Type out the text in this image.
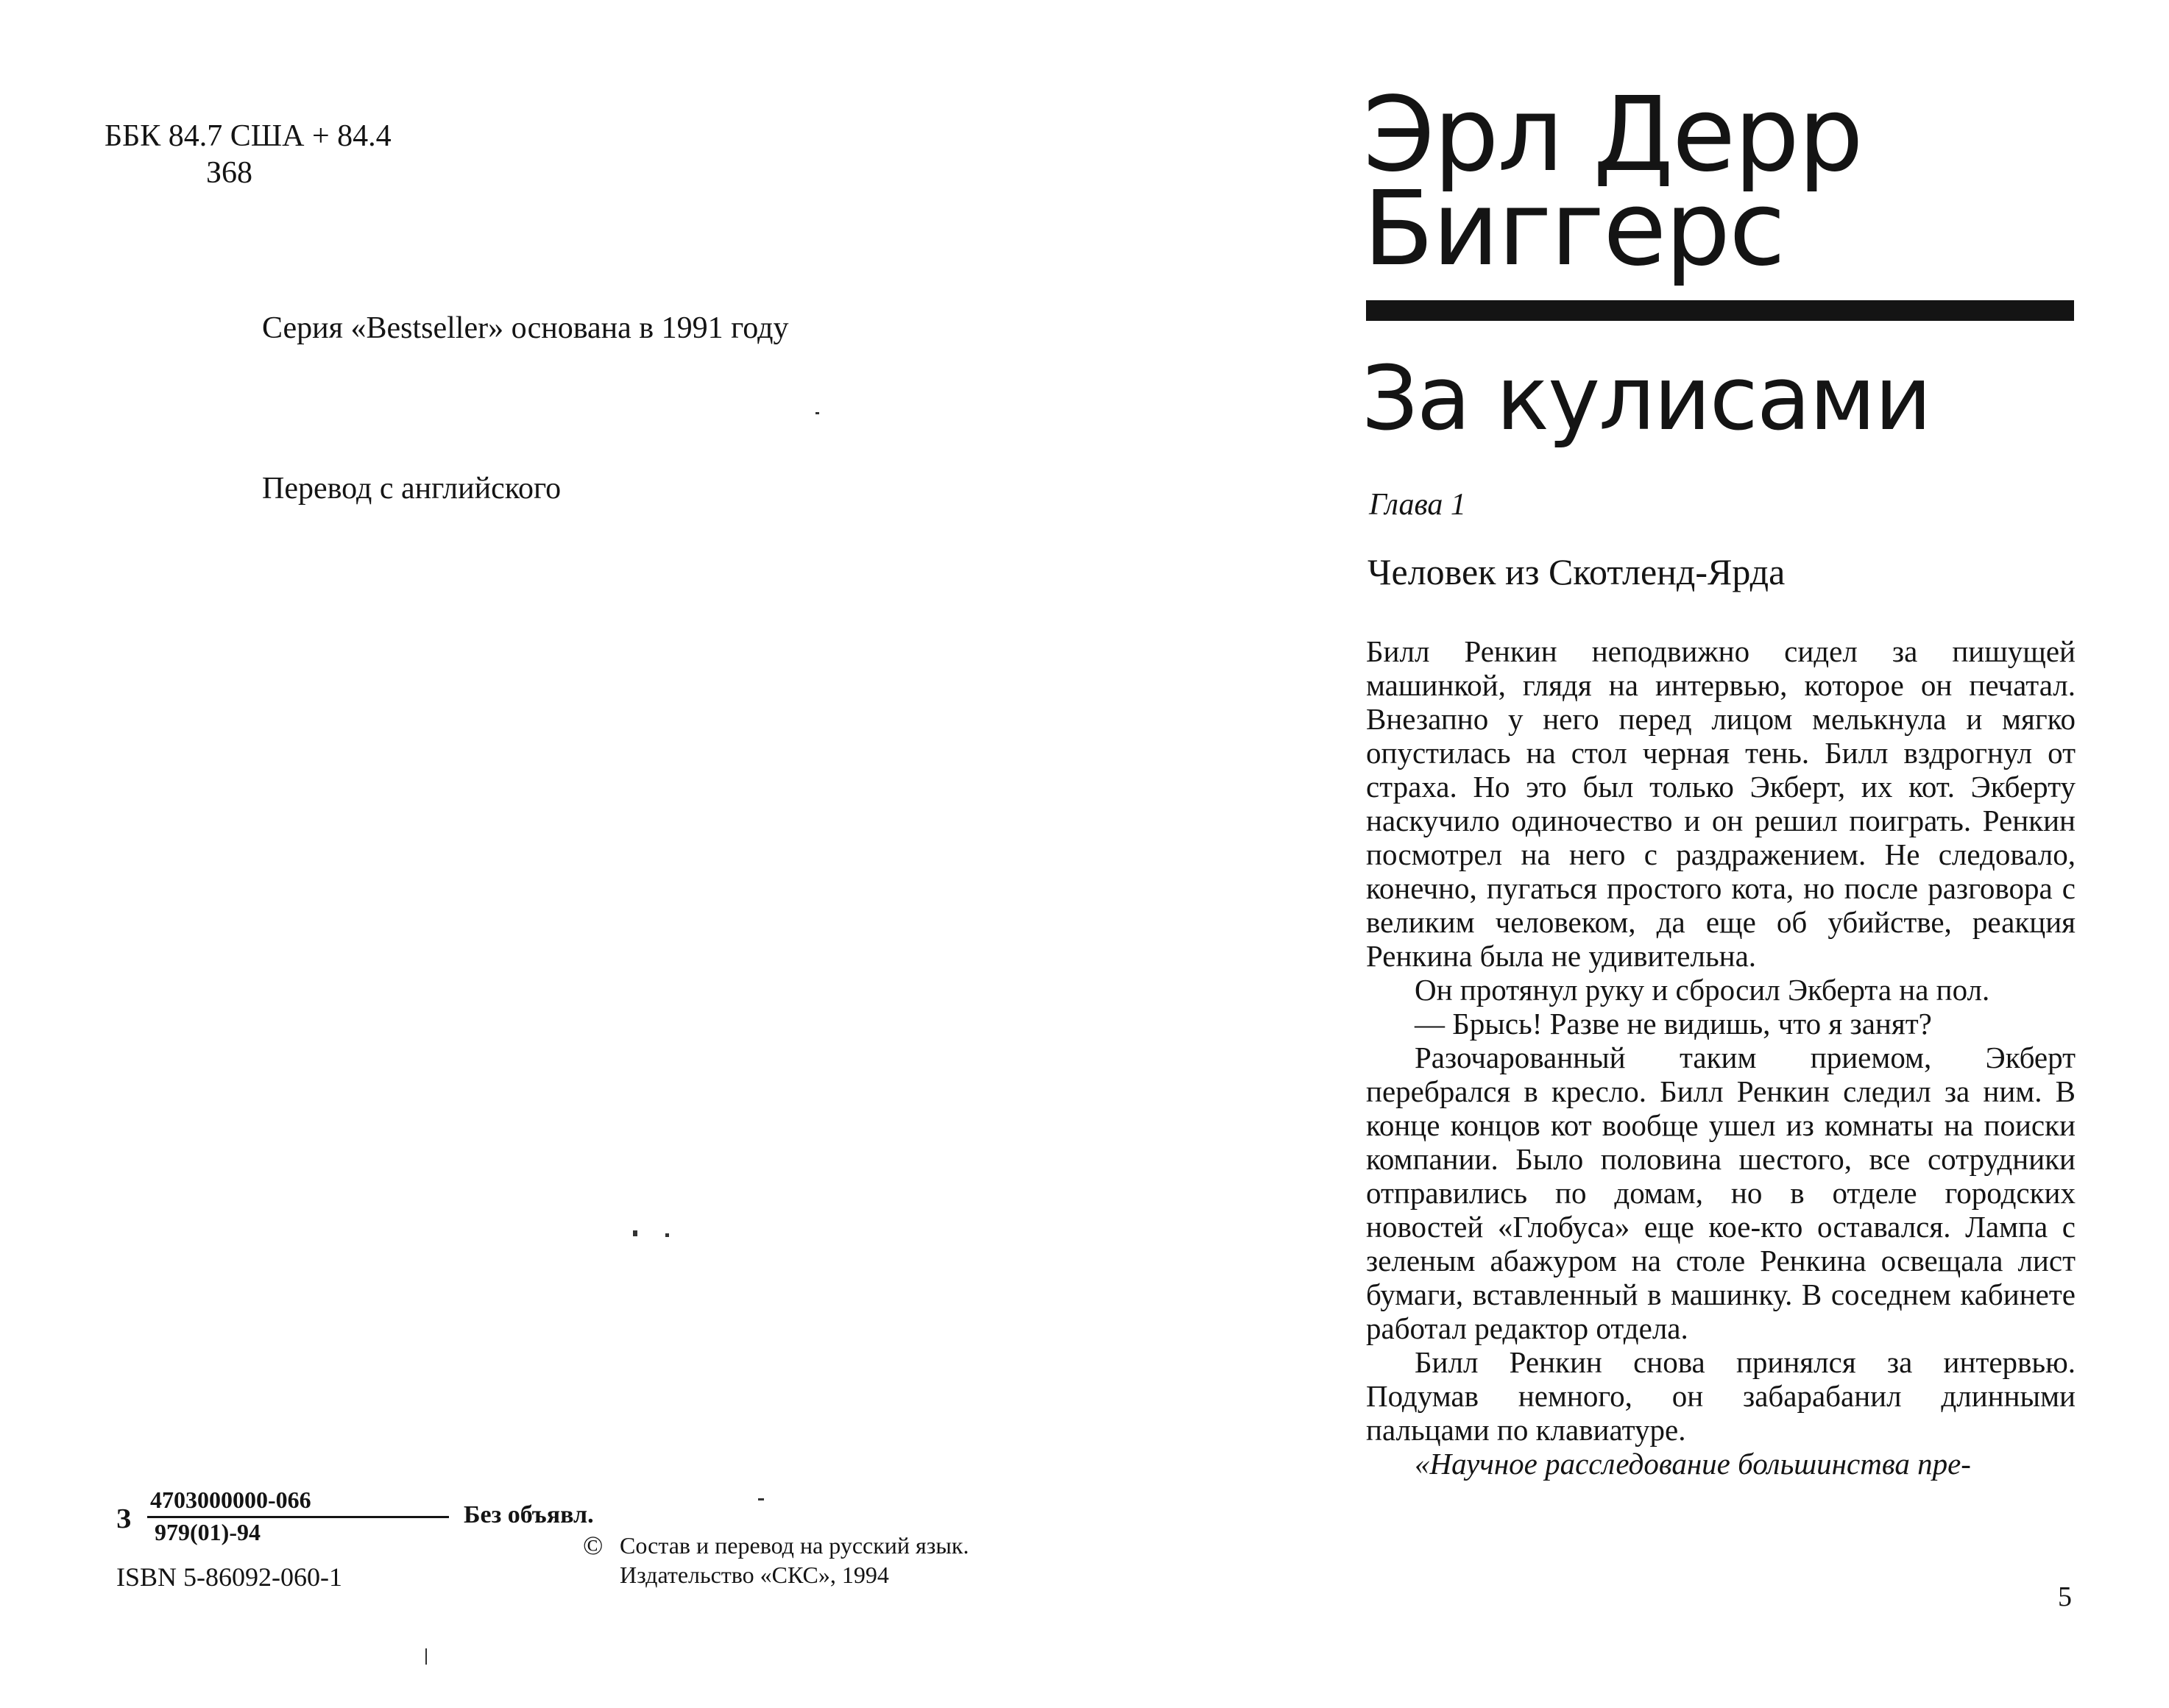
ББК 84.7 США + 84.4
З68
Серия «Bestseller» основана в 1991 году
Перевод с английского
З
4703000000-066
979(01)-94
Без объявл.
ISBN 5-86092-060-1
© Состав и перевод на русский язык.
Издательство «СКС», 1994
Эрл Дерр
Биггерс
За кулисами
Глава 1
Человек из Скотленд-Ярда

Билл Ренкин неподвижно сидел за пишущей машинкой, глядя на интервью, которое он печатал. Внезапно у него перед лицом мелькнула и мягко опустилась на стол черная тень. Билл вздрогнул от страха. Но это был только Экберт, их кот. Экберту наскучило одиночество и он решил поиграть. Ренкин посмотрел на него с раздражением. Не следовало, конечно, пугаться простого кота, но после разговора с великим человеком, да еще об убийстве, реакция Ренкина была не удивительна.

Он протянул руку и сбросил Экберта на пол.

— Брысь! Разве не видишь, что я занят?

Разочарованный таким приемом, Экберт перебрался в кресло. Билл Ренкин следил за ним. В конце концов кот вообще ушел из комнаты на поиски компании. Было половина шестого, все сотрудники отправились по домам, но в отделе городских новостей «Глобуса» еще кое-кто оставался. Лампа с зеленым абажуром на столе Ренкина освещала лист бумаги, вставленный в машинку. В соседнем кабинете работал редактор отдела.

Билл Ренкин снова принялся за интервью. Подумав немного, он забарабанил длинными пальцами по клавиатуре.

«Научное расследование большинства пре-

5
